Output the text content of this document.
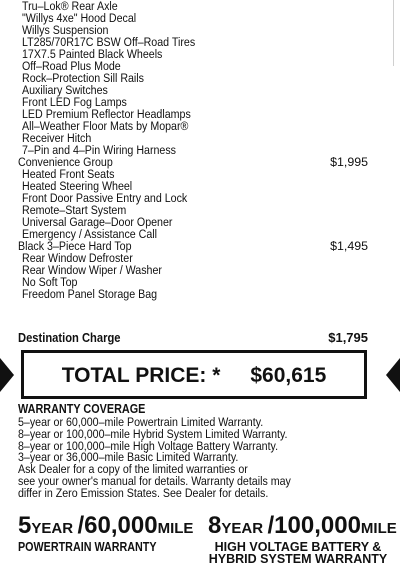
Tru–Lok® Rear Axle
"Willys 4xe" Hood Decal
Willys Suspension
LT285/70R17C BSW Off–Road Tires
17X7.5 Painted Black Wheels
Off–Road Plus Mode
Rock–Protection Sill Rails
Auxiliary Switches
Front LED Fog Lamps
LED Premium Reflector Headlamps
All–Weather Floor Mats by Mopar®
Receiver Hitch
7–Pin and 4–Pin Wiring Harness
Convenience Group	$1,995
Heated Front Seats
Heated Steering Wheel
Front Door Passive Entry and Lock
Remote–Start System
Universal Garage–Door Opener
Emergency / Assistance Call
Black 3–Piece Hard Top	$1,495
Rear Window Defroster
Rear Window Wiper / Washer
No Soft Top
Freedom Panel Storage Bag
Destination Charge	$1,795
TOTAL PRICE: * $60,615
WARRANTY COVERAGE
5–year or 60,000–mile Powertrain Limited Warranty.
8–year or 100,000–mile Hybrid System Limited Warranty.
8–year or 100,000–mile High Voltage Battery Warranty.
3–year or 36,000–mile Basic Limited Warranty.
Ask Dealer for a copy of the limited warranties or
see your owner's manual for details. Warranty details may
differ in Zero Emission States. See Dealer for details.
5YEAR /60,000MILE
POWERTRAIN WARRANTY
8YEAR /100,000MILE
HIGH VOLTAGE BATTERY &
HYBRID SYSTEM WARRANTY
